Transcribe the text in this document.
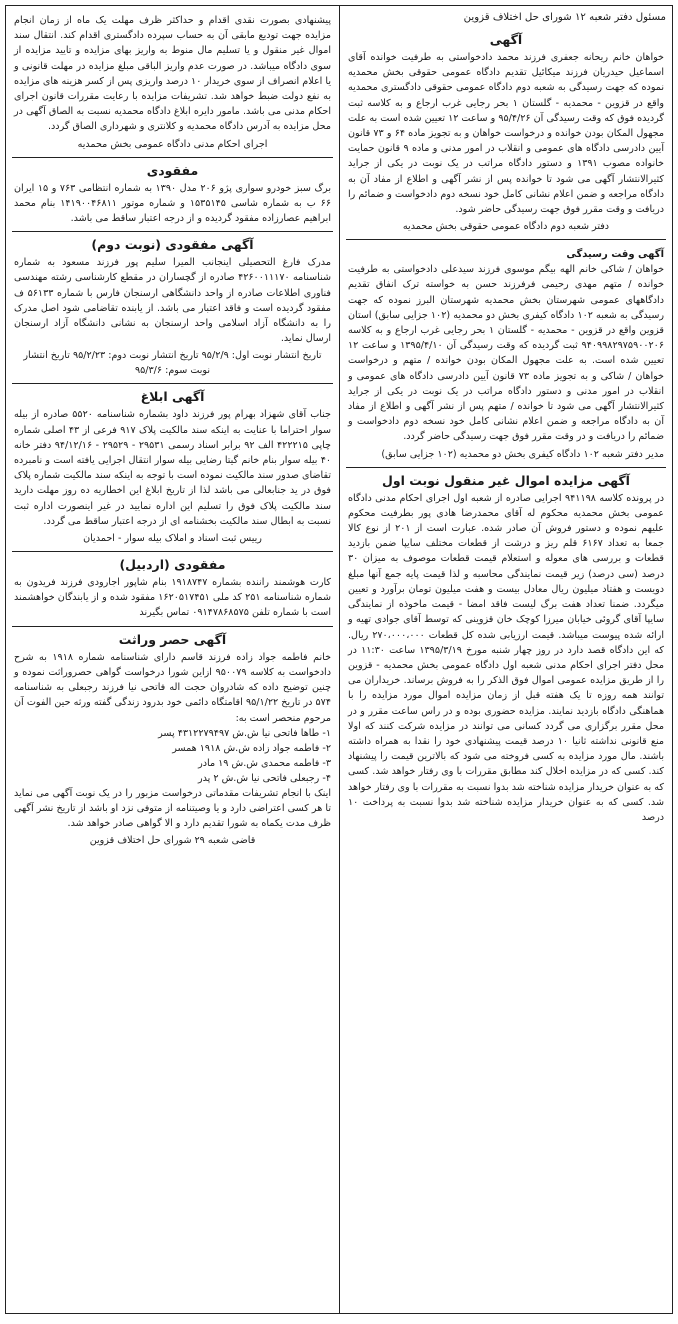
مسئول دفتر شعبه ۱۲ شورای حل اختلاف قزوین
آگهی

خواهان خانم ریحانه جعفری فرزند محمد دادخواستی به طرفیت خوانده آقای اسماعیل حیدریان فرزند میکائیل تقدیم دادگاه عمومی حقوقی بخش محمدیه نموده که جهت رسیدگی به شعبه دوم دادگاه عمومی حقوقی دادگستری محمدیه واقع در قزوین - محمدیه - گلستان ۱ بحر رجایی غرب ارجاع و به کلاسه ثبت گردیده فوق که وقت رسیدگی آن ۹۵/۴/۲۶ و ساعت ۱۲ تعیین شده است به علت مجهول المکان بودن خوانده و درخواست خواهان و به تجویز ماده ۶۴ و ۷۳ قانون آیین دادرسی دادگاه های عمومی و انقلاب در امور مدنی و ماده ۹ قانون حمایت خانواده مصوب ۱۳۹۱ و دستور دادگاه مراتب در یک نوبت در یکی از جراید کثیرالانتشار آگهی می شود تا خوانده پس از نشر آگهی و اطلاع از مفاد آن به دادگاه مراجعه و ضمن اعلام نشانی کامل خود نسخه دوم دادخواست و ضمائم را دریافت و وقت مقرر فوق جهت رسیدگی حاضر شود.

دفتر شعبه دوم دادگاه عمومی حقوقی بخش محمدیه

آگهی وقت رسیدگی

خواهان / شاکی خانم الهه بیگم موسوی فرزند سیدعلی دادخواستی به طرفیت خوانده / متهم مهدی رحیمی فرفرزند حسن به خواسته ترک انفاق تقدیم دادگاههای عمومی شهرستان بخش محمدیه شهرستان البرز نموده که جهت رسیدگی به شعبه ۱۰۲ دادگاه کیفری بخش دو محمدیه (۱۰۲ جزایی سابق) استان قزوین واقع در قزوین - محمدیه - گلستان ۱ بحر رجایی غرب ارجاع و به کلاسه ۹۴۰۹۹۸۲۹۷۵۹۰۰۲۰۶ ثبت گردیده که وقت رسیدگی آن ۱۳۹۵/۴/۱۰ و ساعت ۱۲ تعیین شده است. به علت مجهول المکان بودن خوانده / متهم و درخواست خواهان / شاکی و به تجویز ماده ۷۳ قانون آیین دادرسی دادگاه های عمومی و انقلاب در امور مدنی و دستور دادگاه مراتب در یک نوبت در یکی از جراید کثیرالانتشار آگهی می شود تا خوانده / متهم پس از نشر آگهی و اطلاع از مفاد آن به دادگاه مراجعه و ضمن اعلام نشانی کامل خود نسخه دوم دادخواست و ضمائم را دریافت و در وقت مقرر فوق جهت رسیدگی حاضر گردد.

مدیر دفتر شعبه ۱۰۲ دادگاه کیفری بخش دو محمدیه (۱۰۲ جزایی سابق)

آگهی مزایده اموال غیر منقول نوبت اول

در پرونده کلاسه ۹۴۱۱۹۸ اجرایی صادره از شعبه اول اجرای احکام مدنی دادگاه عمومی بخش محمدیه محکوم له آقای محمدرضا هادی پور بطرفیت محکوم علیهم نموده و دستور فروش آن صادر شده. عبارت است از ۲۰۱ از نوع کالا جمعا به تعداد ۶۱۶۷ قلم ریز و درشت از قطعات مختلف سایپا ضمن بازدید قطعات و بررسی های معوله و استعلام قیمت قطعات موصوف به میزان ۳۰ درصد (سی درصد) زیر قیمت نمایندگی محاسبه و لذا قیمت پایه جمع آنها مبلغ دویست و هفتاد میلیون ریال معادل بیست و هفت میلیون تومان برآورد و تعیین میگردد. ضمنا تعداد هفت برگ لیست فاقد امضا - قیمت ماخوذه از نمایندگی سایپا آقای گروئی خیابان میرزا کوچک خان قزوینی که توسط آقای جوادی تهیه و ارائه شده پیوست میباشد. قیمت ارزیابی شده کل قطعات ۲۷۰،۰۰۰،۰۰۰ ریال. که این دادگاه قصد دارد در روز چهار شنبه مورخ ۱۳۹۵/۳/۱۹ ساعت ۱۱:۳۰ در محل دفتر اجرای احکام مدنی شعبه اول دادگاه عمومی بخش محمدیه - قزوین را از طریق مزایده عمومی اموال فوق الذکر را به فروش برساند. خریداران می توانند همه روزه تا یک هفته قبل از زمان مزایده اموال مورد مزایده را با هماهنگی دادگاه بازدید نمایند. مزایده حضوری بوده و در راس ساعت مقرر و در محل مقرر برگزاری می گردد کسانی می توانند در مزایده شرکت کنند که اولا منع قانونی نداشته ثانیا ۱۰ درصد قیمت پیشنهادی خود را نقدا به همراه داشته باشند. مال مورد مزایده به کسی فروخته می شود که بالاترین قیمت را پیشنهاد کند. کسی که در مزایده اخلال کند مطابق مقررات با وی رفتار خواهد شد. کسی که به عنوان خریدار مزایده شناخته شد بدوا نسبت به مقررات با وی رفتار خواهد شد. کسی که به عنوان خریدار مزایده شناخته شد بدوا نسبت به پرداخت ۱۰ درصد

پیشنهادی بصورت نقدی اقدام و حداکثر ظرف مهلت یک ماه از زمان انجام مزایده جهت تودیع مابقی آن به حساب سپرده دادگستری اقدام کند. انتقال سند اموال غیر منقول و یا تسلیم مال منوط به واریز بهای مزایده و تایید مزایده از سوی دادگاه میباشد. در صورت عدم واریز الباقی مبلغ مزایده در مهلت قانونی و یا اعلام انصراف از سوی خریدار ۱۰ درصد واریزی پس از کسر هزینه های مزایده به نفع دولت ضبط خواهد شد. تشریفات مزایده با رعایت مقررات قانون اجرای احکام مدنی می باشد. مامور دایره ابلاغ دادگاه محمدیه نسبت به الصاق آگهی در محل مزایده به آدرس دادگاه محمدیه و کلانتری و شهرداری الصاق گردد.

اجرای احکام مدنی دادگاه عمومی بخش محمدیه

مفقودی

برگ سبز خودرو سواری پژو ۲۰۶ مدل ۱۳۹۰ به شماره انتظامی ۷۶۳ و ۱۵ ایران ۶۶ ب به شماره شاسی ۱۵۳۵۱۴۵ و شماره موتور ۱۴۱۹۰۰۴۶۸۱۱ بنام محمد ابراهیم عصارزاده مفقود گردیده و از درجه اعتبار ساقط می باشد.

آگهی مفقودی (نوبت دوم)

مدرک فارغ التحصیلی اینجانب المیرا سلیم پور فرزند مسعود به شماره شناسنامه ۴۲۶۰۰۱۱۱۷۰ صادره از گچساران در مقطع کارشناسی رشته مهندسی فناوری اطلاعات صادره از واحد دانشگاهی ارسنجان فارس با شماره ۵۶۱۳۳ ف مفقود گردیده است و فاقد اعتبار می باشد. از یابنده تقاضامی شود اصل مدرک را به دانشگاه آزاد اسلامی واحد ارسنجان به نشانی دانشگاه آزاد ارسنجان ارسال نماید.

تاریخ انتشار نوبت اول: ۹۵/۲/۹ تاریخ انتشار نوبت دوم: ۹۵/۲/۲۳ تاریخ انتشار نوبت سوم: ۹۵/۳/۶

آگهی ابلاغ

جناب آقای شهزاد بهرام پور فرزند داود بشماره شناسنامه ۵۵۲۰ صادره از بیله سوار احتراما با عنایت به اینکه سند مالکیت پلاک ۹۱۷ فرعی از ۴۳ اصلی شماره چاپی ۴۲۲۲۱۵ الف ۹۲ برابر اسناد رسمی ۲۹۵۳۱ - ۲۹۵۲۹ - ۹۴/۱۲/۱۶ دفتر خانه ۴۰ بیله سوار بنام خانم گیتا رضایی بیله سوار انتقال اجرایی یافته است و نامبرده تقاضای صدور سند مالکیت نموده است با توجه به اینکه سند مالکیت شماره پلاک فوق در ید جنابعالی می باشد لذا از تاریخ ابلاغ این اخطاریه ده روز مهلت دارید سند مالکیت پلاک فوق را تسلیم این اداره نمایید در غیر اینصورت اداره ثبت نسبت به ابطال سند مالکیت بخشنامه ای از درجه اعتبار ساقط می گردد.

رییس ثبت اسناد و املاک بیله سوار - احمدیان

مفقودی (اردبیل)

کارت هوشمند راننده بشماره ۱۹۱۸۷۴۷ بنام شاپور اجارودی فرزند فریدون به شماره شناسنامه ۲۵۱ کد ملی ۱۶۲۰۵۱۷۴۵۱ مفقود شده و از یابندگان خواهشمند است با شماره تلفن ۰۹۱۴۷۸۶۸۵۷۵ تماس بگیرند

آگهی حصر وراثت

خانم فاطمه جواد زاده فرزند قاسم دارای شناسنامه شماره ۱۹۱۸ به شرح دادخواست به کلاسه ۹۵۰۰۷۹ ازاین شورا درخواست گواهی حصروراثت نموده و چنین توضیح داده که شادروان حجت اله فاتحی نیا فرزند رجبعلی به شناسنامه ۵۷۴ در تاریخ ۹۵/۱/۲۲ اقامتگاه دائمی خود بدرود زندگی گفته ورثه حین الفوت آن مرحوم منحصر است به:

۱- طاها فاتحی نیا ش.ش ۴۳۱۲۲۷۹۴۹۷ پسر
۲- فاطمه جواد زاده ش.ش ۱۹۱۸ همسر
۳- فاطمه محمدی ش.ش ۱۹ مادر
۴- رجبعلی فاتحی نیا ش.ش ۲ پدر

اینک با انجام تشریفات مقدماتی درخواست مزبور را در یک نوبت آگهی می نماید تا هر کسی اعتراضی دارد و یا وصیتنامه از متوفی نزد او باشد از تاریخ نشر آگهی ظرف مدت یکماه به شورا تقدیم دارد و الا گواهی صادر خواهد شد.

قاضی شعبه ۲۹ شورای حل اختلاف قزوین
